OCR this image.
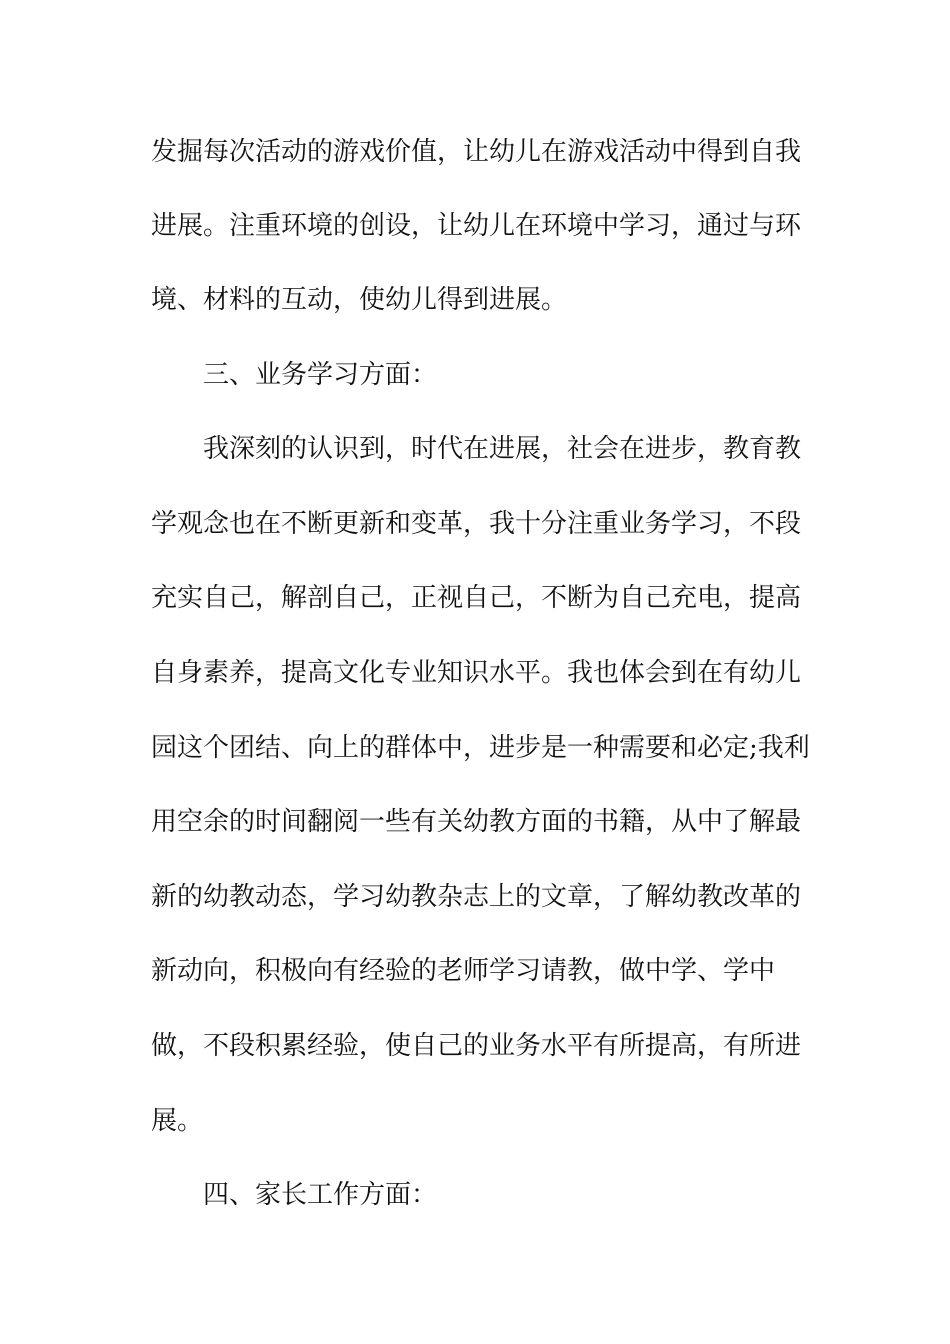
发掘每次活动的游戏价值，让幼儿在游戏活动中得到自我
进展。注重环境的创设，让幼儿在环境中学习，通过与环
境、材料的互动，使幼儿得到进展。
三、业务学习方面：
我深刻的认识到，时代在进展，社会在进步，教育教
学观念也在不断更新和变革，我十分注重业务学习，不段
充实自己，解剖自己，正视自己，不断为自己充电，提高
自身素养，提高文化专业知识水平。我也体会到在有幼儿
园这个团结、向上的群体中，进步是一种需要和必定;我利
用空余的时间翻阅一些有关幼教方面的书籍，从中了解最
新的幼教动态，学习幼教杂志上的文章，了解幼教改革的
新动向，积极向有经验的老师学习请教，做中学、学中
做，不段积累经验，使自己的业务水平有所提高，有所进
展。
四、家长工作方面：
